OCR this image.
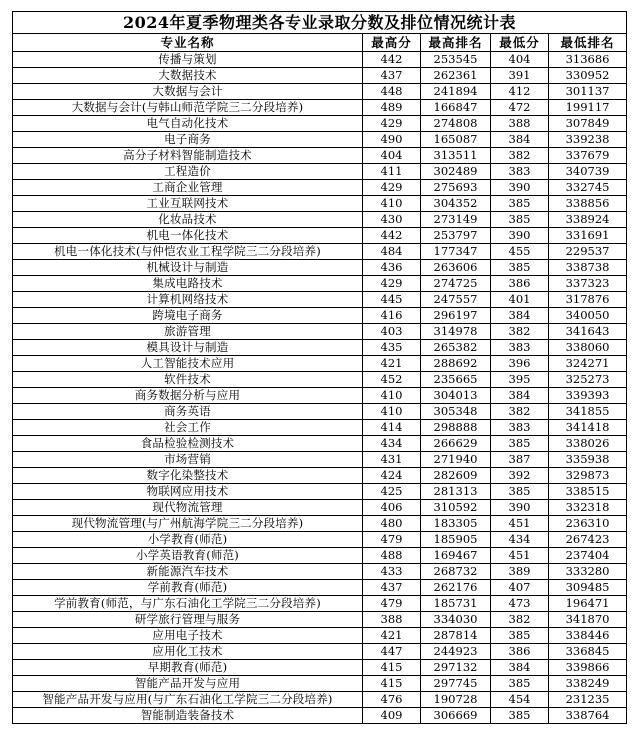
2024年夏季物理类各专业录取分数及排位情况统计表				
专业名称	最高分	最高排名	最低分	最低排名
传播与策划	442	253545	404	313686
大数据技术	437	262361	391	330952
大数据与会计	448	241894	412	301137
大数据与会计(与韩山师范学院三二分段培养)	489	166847	472	199117
电气自动化技术	429	274808	388	307849
电子商务	490	165087	384	339238
高分子材料智能制造技术	404	313511	382	337679
工程造价	411	302489	383	340739
工商企业管理	429	275693	390	332745
工业互联网技术	410	304352	385	338856
化妆品技术	430	273149	385	338924
机电一体化技术	442	253797	390	331691
机电一体化技术(与仲恺农业工程学院三二分段培养)	484	177347	455	229537
机械设计与制造	436	263606	385	338738
集成电路技术	429	274725	386	337323
计算机网络技术	445	247557	401	317876
跨境电子商务	416	296197	384	340050
旅游管理	403	314978	382	341643
模具设计与制造	435	265382	383	338060
人工智能技术应用	421	288692	396	324271
软件技术	452	235665	395	325273
商务数据分析与应用	410	304013	384	339393
商务英语	410	305348	382	341855
社会工作	414	298888	383	341418
食品检验检测技术	434	266629	385	338026
市场营销	431	271940	387	335938
数字化染整技术	424	282609	392	329873
物联网应用技术	425	281313	385	338515
现代物流管理	406	310592	390	332318
现代物流管理(与广州航海学院三二分段培养)	480	183305	451	236310
小学教育(师范)	479	185905	434	267423
小学英语教育(师范)	488	169467	451	237404
新能源汽车技术	433	268732	389	333280
学前教育(师范)	437	262176	407	309485
学前教育(师范，与广东石油化工学院三二分段培养)	479	185731	473	196471
研学旅行管理与服务	388	334030	382	341870
应用电子技术	421	287814	385	338446
应用化工技术	447	244923	386	336845
早期教育(师范)	415	297132	384	339866
智能产品开发与应用	415	297745	385	338249
智能产品开发与应用(与广东石油化工学院三二分段培养)	476	190728	454	231235
智能制造装备技术	409	306669	385	338764
